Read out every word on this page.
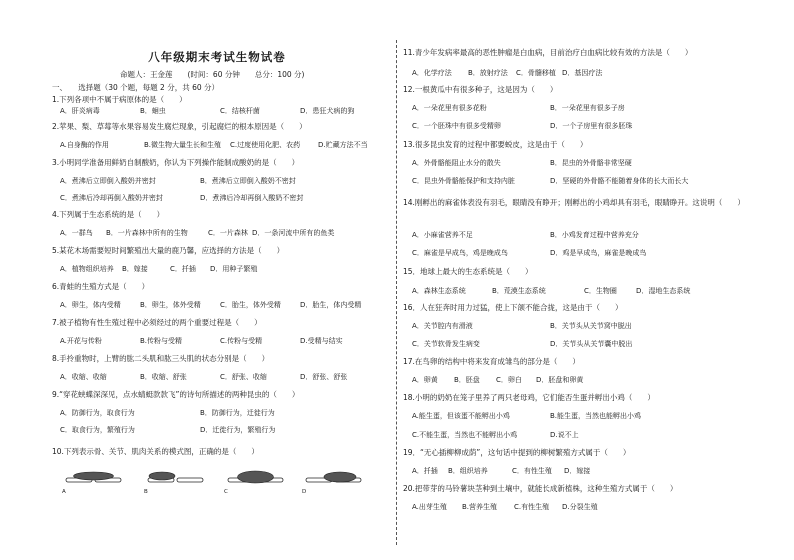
八年级期末考试生物试卷
命题人：王金莲　　(时间：60 分钟　　总分：100 分)
一、　　选择题（30 个题，每题 2 分，共 60 分）
1.下列各项中不属于病原体的是（　　）
A．肝炎病毒	B．蛔虫	C．结核杆菌	D．患狂犬病的狗
2.苹果、梨、草莓等水果容易发生腐烂现象，引起腐烂的根本原因是（　　）
A.自身酶的作用	B.微生物大量生长和生殖 C.过度使用化肥、农药	D.贮藏方法不当
3.小明同学准备用鲜奶自制酸奶，你认为下列操作能制成酸奶的是（　　）
A．煮沸后立即倒入酸奶并密封	B．煮沸后立即倒入酸奶不密封
C．煮沸后冷却再倒入酸奶并密封	D．煮沸后冷却再倒入酸奶不密封
4.下列属于生态系统的是（　　）
A．一群鸟 B．一片森林中所有的生物	C．一片森林 D．一条河流中所有的鱼类
5.某花木场需要短时间繁殖出大量的鹿乃馨，应选择的方法是（　　）
A．植物组织培养 B．嫁接	C．扦插 D．用种子繁殖
6.青蛙的生殖方式是（　　）
A．卵生，体内受精	B．卵生，体外受精	C．胎生，体外受精	D．胎生，体内受精
7.被子植物有性生殖过程中必须经过的两个重要过程是（　　）
A.开花与传粉	B.传粉与受精	C.传粉与受精	D.受精与结实
8.手拎重物时，上臂的肱二头肌和肱三头肌的状态分别是（　　）
A．收缩、收缩	B．收缩、舒张	C．舒张、收缩	D．舒张、舒张
9.“穿花蛱蝶深深见，点水蜻蜓款款飞”的诗句所描述的两种昆虫的（　　）
A．防御行为，取食行为	B．防御行为，迁徙行为
C．取食行为，繁殖行为	D．迁徙行为，繁殖行为
10.下列表示骨、关节、肌肉关系的模式图，正确的是（　　）
11.青少年发病率最高的恶性肿瘤是白血病，目前治疗白血病比较有效的方法是（　　）
A．化学疗法 B．放射疗法 C．骨髓移植 D．基因疗法
12.一根黄瓜中有很多种子，这是因为（　　）
A．一朵花里有很多花粉	B．一朵花里有很多子房
C．一个胚珠中有很多受精卵	D．一个子房里有很多胚珠
13.很多昆虫发育的过程中都要蜕皮，这是由于（　　）
A．外骨骼能阻止水分的散失	B．昆虫的外骨骼非常坚硬
C．昆虫外骨骼能保护和支持内脏	D．坚硬的外骨骼不能随着身体的长大而长大
14.刚孵出的麻雀体表没有羽毛，眼睛没有睁开；刚孵出的小鸡却具有羽毛，眼睛睁开。这说明（　　）
A．小麻雀营养不足	B．小鸡发育过程中营养充分
C．麻雀是早成鸟，鸡是晚成鸟	D．鸡是早成鸟，麻雀是晚成鸟
15．地球上最大的生态系统是（　　）
A．森林生态系统	B．荒漠生态系统	C．生物圈	D．湿地生态系统
16．人在狂奔时用力过猛，使上下颌不能合拢，这是由于（　　）
A．关节腔内有滑液	B．关节头从关节窝中脱出
C．关节软骨发生病变	D．关节头从关节囊中脱出
17.在鸟卵的结构中将来发育成雏鸟的部分是（　　）
A．卵黄 B．胚盘 C．卵白 D．胚盘和卵黄
18.小明的奶奶在笼子里养了两只老母鸡，它们能否生蛋并孵出小鸡（　　）
A.能生蛋，但该蛋不能孵出小鸡	B.能生蛋，当然也能孵出小鸡
C.不能生蛋，当然也不能孵出小鸡	D.说不上
19．“无心插柳柳成荫”，这句话中提到的柳树繁殖方式属于（　　）
A．扦插 B．组织培养	C．有性生殖 D．嫁接
20.把带芽的马铃薯块茎种到土壤中，就能长成新植株，这种生殖方式属于（　　）
A.出芽生殖 B.营养生殖 C.有性生殖 D.分裂生殖
A	B	C	D
